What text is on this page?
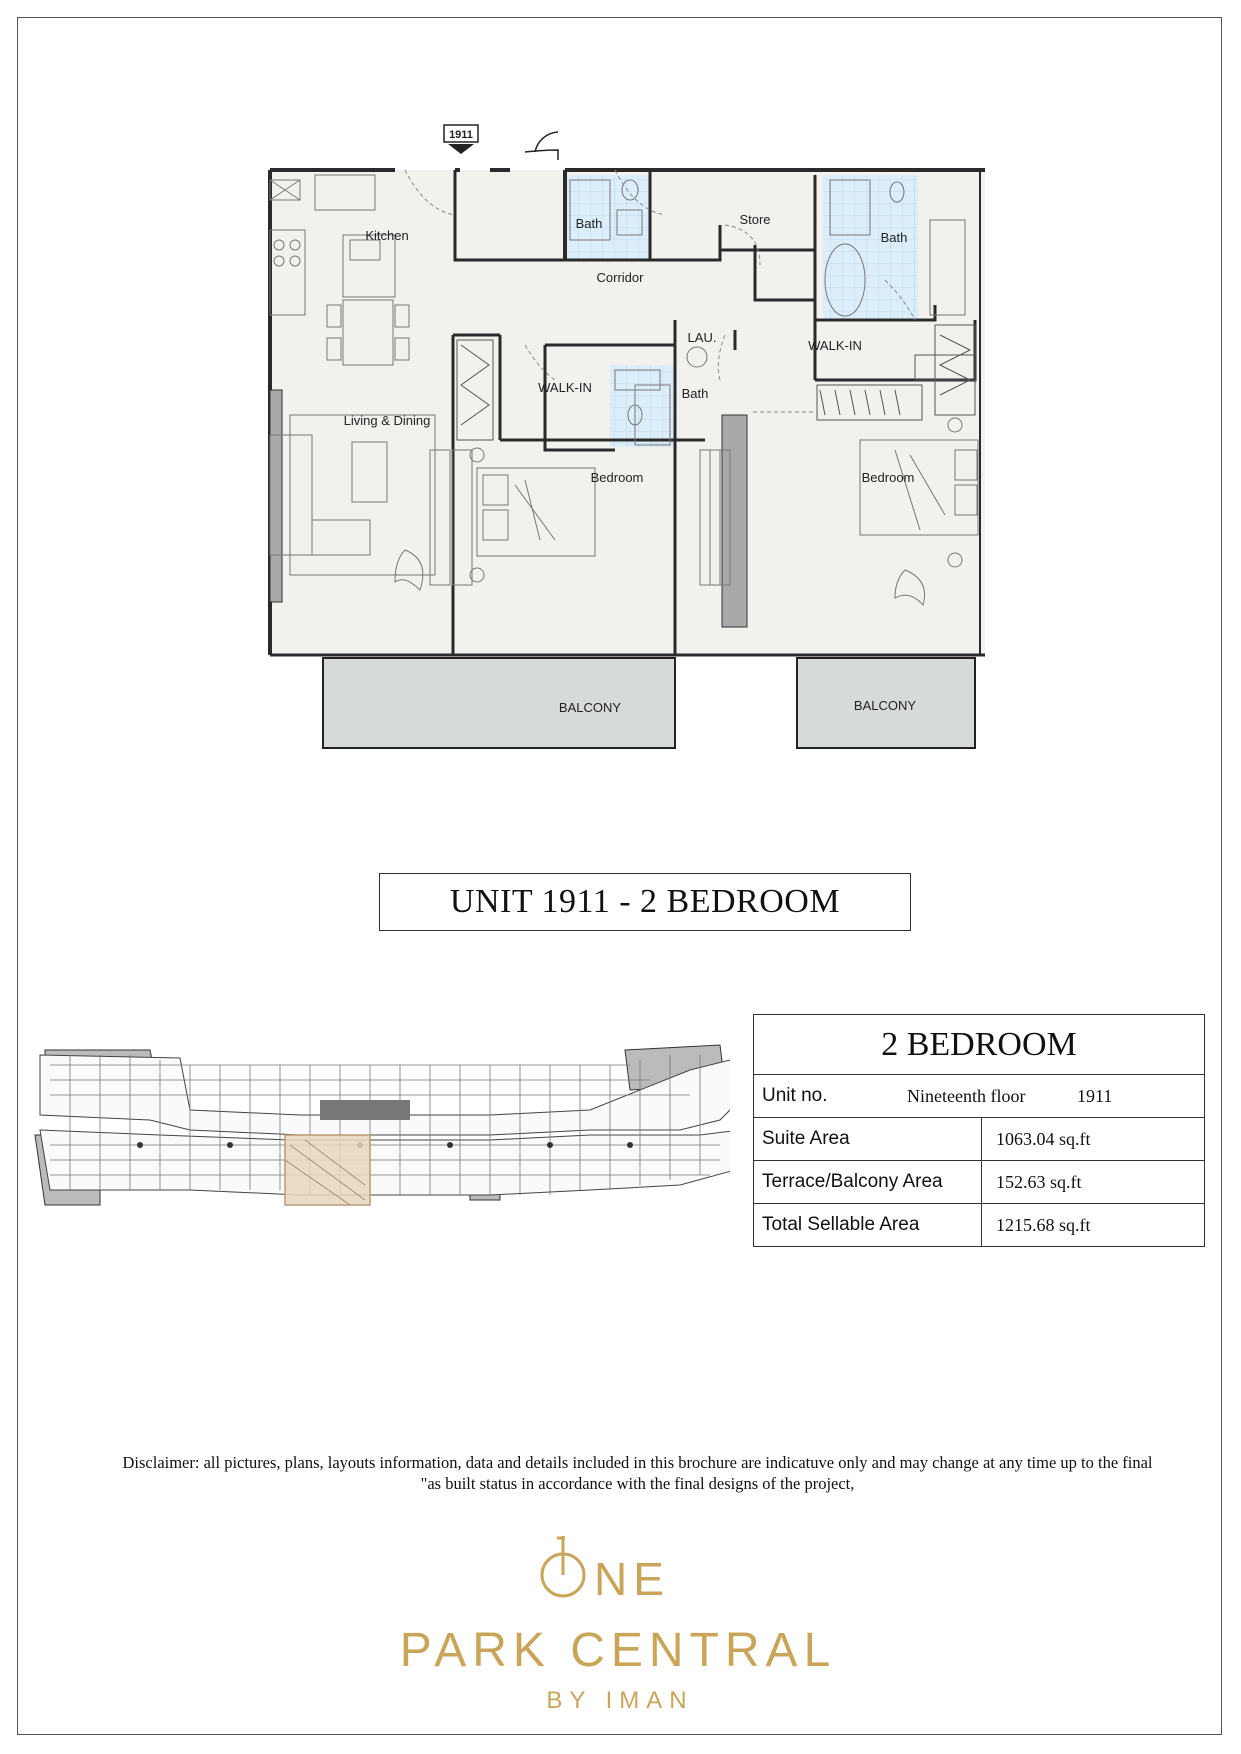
1911
Kitchen
Bath
Corridor
Store
Bath
LAU.
WALK-IN
WALK-IN
Bath
Living & Dining
Bedroom	Bedroom
BALCONY	BALCONY
UNIT 1911 - 2 BEDROOM
2 BEDROOM	

Unit no. Nineteenth floor 1911	

Suite Area	1063.04 sq.ft
Terrace/Balcony Area	152.63 sq.ft
Total Sellable Area	1215.68 sq.ft
Disclaimer: all pictures, plans, layouts information, data and details included in this brochure are indicatuve only and may change at any time up to the final
"as built status in accordance with the final designs of the project,
NE
PARK CENTRAL
BY IMAN
